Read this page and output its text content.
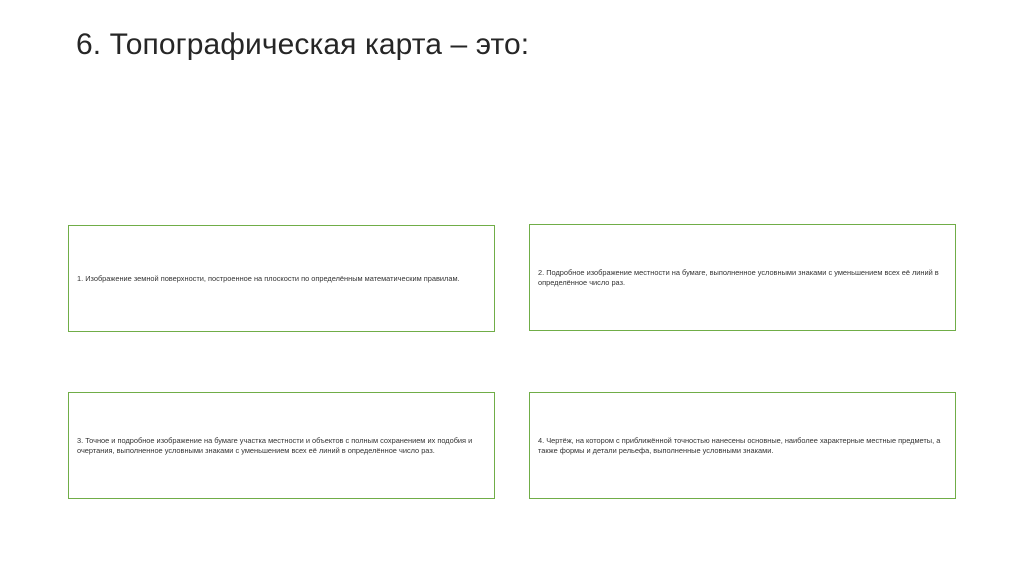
6. Топографическая карта – это:

1. Изображение земной поверхности, построенное на плоскости по определённым математическим правилам.

2. Подробное изображение местности на бумаге, выполненное условными знаками с уменьшением всех её линий в определённое число раз.

3. Точное и подробное изображение на бумаге участка местности и объектов с полным сохранением их подобия и очертания, выполненное условными знаками с уменьшением всех её линий в определённое число раз.

4. Чертёж, на котором с приближённой точностью нанесены основные, наиболее характерные местные предметы, а также формы и детали рельефа, выполненные условными знаками.
